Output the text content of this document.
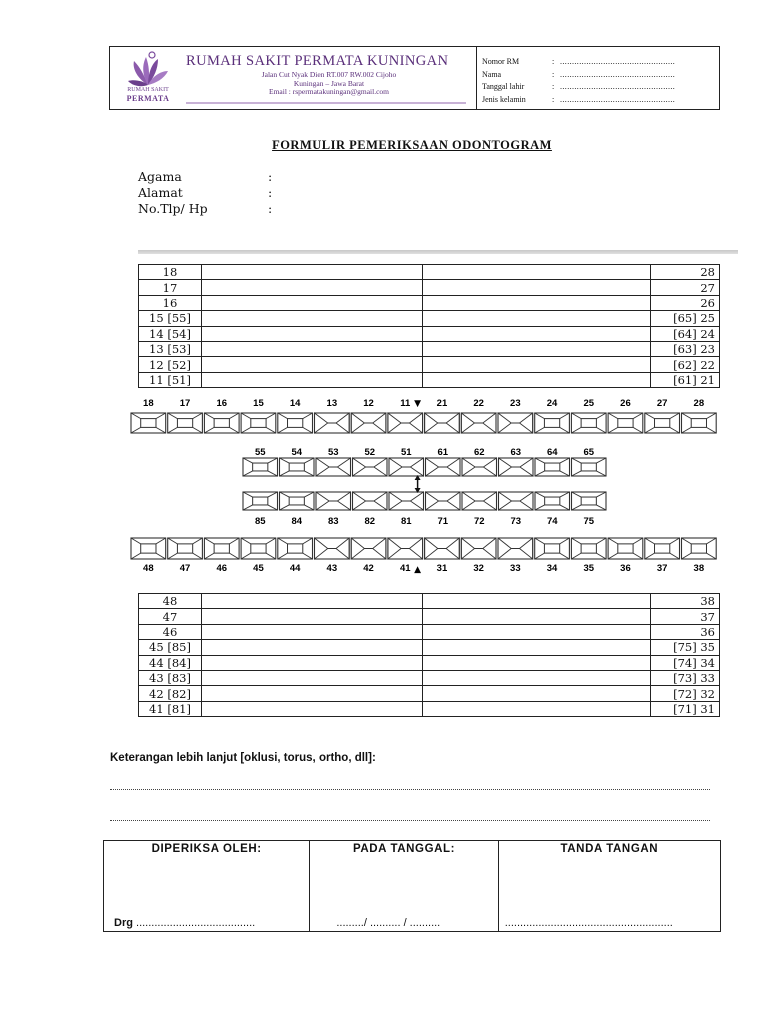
RUMAH SAKIT
PERMATA
RUMAH SAKIT PERMATA KUNINGAN
Jalan Cut Nyak Dien RT.007 RW.002 Cijoho
Kuningan – Jawa Barat
Email : rspermatakuningan@gmail.com
Nomor RM	: ................................................
Nama	: ................................................
Tanggal lahir	: ................................................
Jenis kelamin	: ................................................
FORMULIR PEMERIKSAAN ODONTOGRAM
Agama	:
Alamat	:
No.Tlp/ Hp	:
18			28
17			27
16			26
15 [55]			[65] 25
14 [54]			[64] 24
13 [53]			[63] 23
12 [52]			[62] 22
11 [51]			[61] 21
18	17	16	15	14	13	12	11	21	22	23	24	25	26	27	28
55	54	53	52	51	61	62	63	64	65
85	84	83	82	81	71	72	73	74	75
48	47	46	45	44	43	42	41	31	32	33	34	35	36	37	38
▼
▲
48			38
47			37
46			36
45 [85]			[75] 35
44 [84]			[74] 34
43 [83]			[73] 33
42 [82]			[72] 32
41 [81]			[71] 31
Keterangan lebih lanjut [oklusi, torus, ortho, dll]:
DIPERIKSA OLEH:
Drg .......................................
PADA TANGGAL:
........./ .......... / ..........
TANDA TANGAN
.......................................................
